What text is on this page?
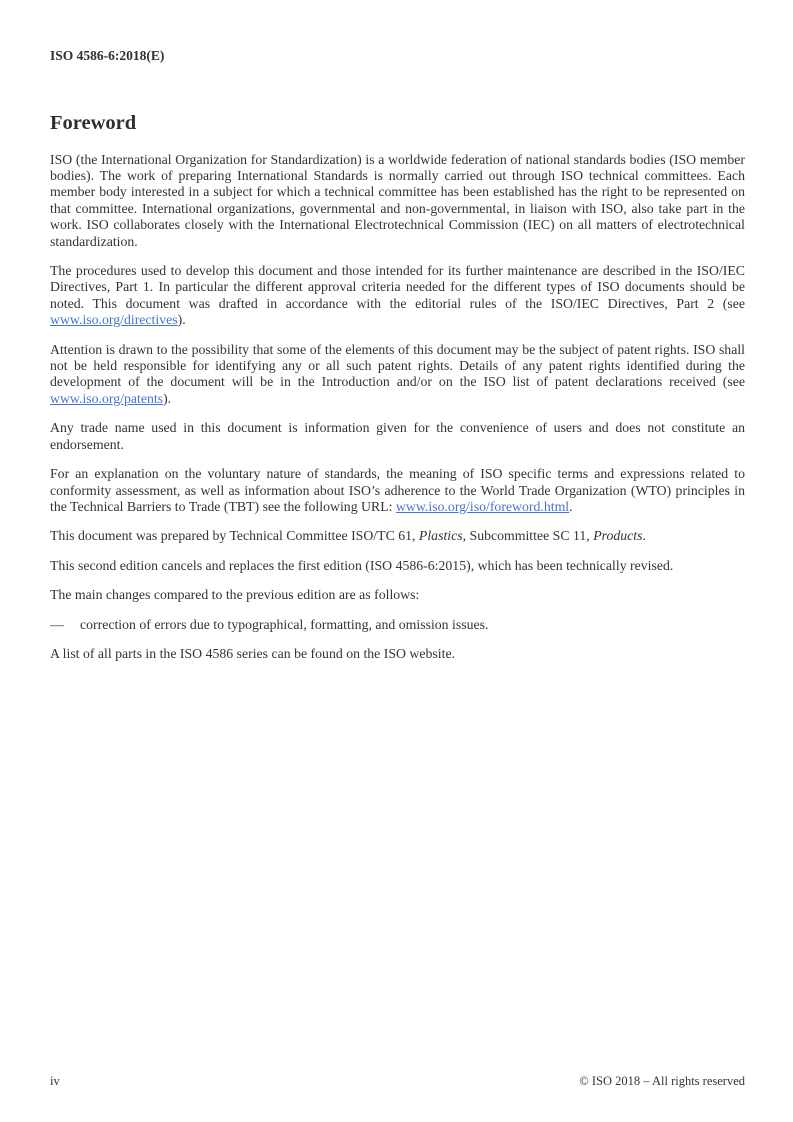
ISO 4586-6:2018(E)
Foreword

ISO (the International Organization for Standardization) is a worldwide federation of national standards bodies (ISO member bodies). The work of preparing International Standards is normally carried out through ISO technical committees. Each member body interested in a subject for which a technical committee has been established has the right to be represented on that committee. International organizations, governmental and non-governmental, in liaison with ISO, also take part in the work. ISO collaborates closely with the International Electrotechnical Commission (IEC) on all matters of electrotechnical standardization.

The procedures used to develop this document and those intended for its further maintenance are described in the ISO/IEC Directives, Part 1. In particular the different approval criteria needed for the different types of ISO documents should be noted. This document was drafted in accordance with the editorial rules of the ISO/IEC Directives, Part 2 (see www.iso.org/directives).

Attention is drawn to the possibility that some of the elements of this document may be the subject of patent rights. ISO shall not be held responsible for identifying any or all such patent rights. Details of any patent rights identified during the development of the document will be in the Introduction and/or on the ISO list of patent declarations received (see www.iso.org/patents).

Any trade name used in this document is information given for the convenience of users and does not constitute an endorsement.

For an explanation on the voluntary nature of standards, the meaning of ISO specific terms and expressions related to conformity assessment, as well as information about ISO’s adherence to the World Trade Organization (WTO) principles in the Technical Barriers to Trade (TBT) see the following URL: www.iso.org/iso/foreword.html.

This document was prepared by Technical Committee ISO/TC 61, Plastics, Subcommittee SC 11, Products.

This second edition cancels and replaces the first edition (ISO 4586-6:2015), which has been technically revised.

The main changes compared to the previous edition are as follows:

—	correction of errors due to typographical, formatting, and omission issues.

A list of all parts in the ISO 4586 series can be found on the ISO website.

iv	© ISO 2018 – All rights reserved
